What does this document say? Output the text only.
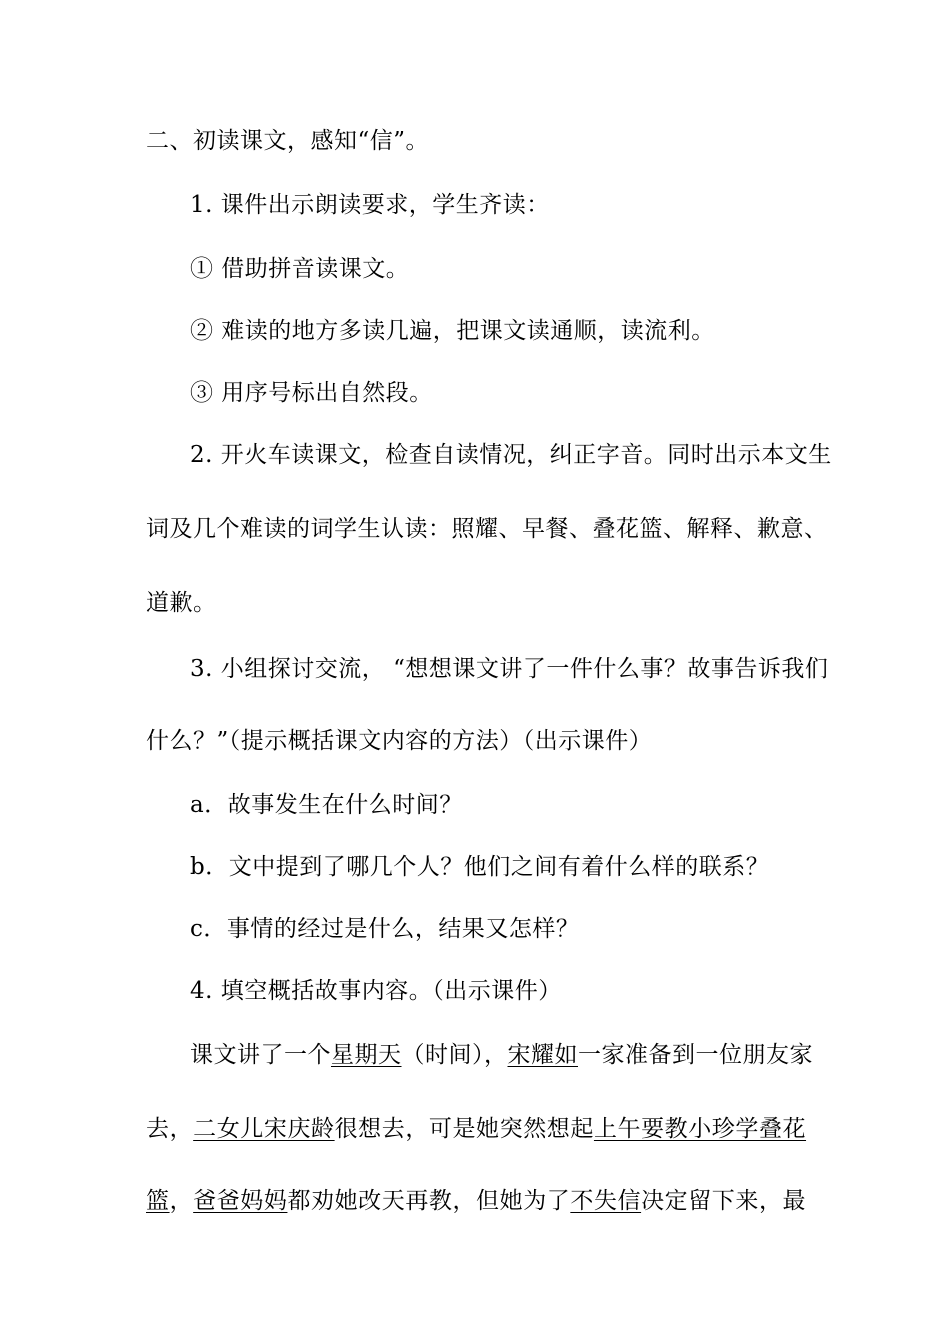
二、初读课文，感知“信”。
1. 课件出示朗读要求，学生齐读：
① 借助拼音读课文。
② 难读的地方多读几遍，把课文读通顺，读流利。
③ 用序号标出自然段。
2. 开火车读课文，检查自读情况，纠正字音。同时出示本文生
词及几个难读的词学生认读：照耀、早餐、叠花篮、解释、歉意、
道歉。
3. 小组探讨交流， “想想课文讲了一件什么事？故事告诉我们
什么？”（提示概括课文内容的方法）（出示课件）
a．故事发生在什么时间？
b．文中提到了哪几个人？他们之间有着什么样的联系？
c．事情的经过是什么，结果又怎样？
4. 填空概括故事内容。（出示课件）
课文讲了一个星期天（时间），宋耀如一家准备到一位朋友家
去，二女儿宋庆龄很想去，可是她突然想起上午要教小珍学叠花
篮，爸爸妈妈都劝她改天再教，但她为了不失信决定留下来，最
